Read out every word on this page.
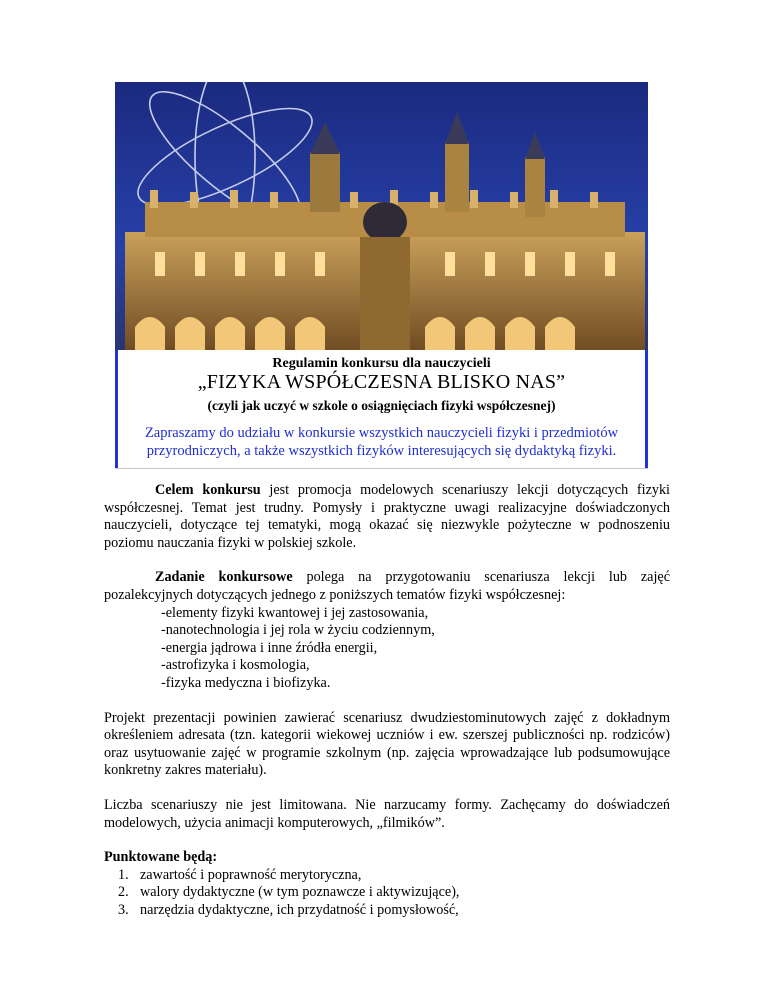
Regulamin konkursu dla nauczycieli
„FIZYKA WSPÓŁCZESNA BLISKO NAS”
(czyli jak uczyć w szkole o osiągnięciach fizyki współczesnej)
Zapraszamy do udziału w konkursie wszystkich nauczycieli fizyki i przedmiotów przyrodniczych, a także wszystkich fizyków interesujących się dydaktyką fizyki.

Celem konkursu jest promocja modelowych scenariuszy lekcji dotyczących fizyki współczesnej. Temat jest trudny. Pomysły i praktyczne uwagi realizacyjne doświadczonych nauczycieli, dotyczące tej tematyki, mogą okazać się niezwykle pożyteczne w podnoszeniu poziomu nauczania fizyki w polskiej szkole.

Zadanie konkursowe polega na przygotowaniu scenariusza lekcji lub zajęć pozalekcyjnych dotyczących jednego z poniższych tematów fizyki współczesnej:

-elementy fizyki kwantowej i jej zastosowania,
-nanotechnologia i jej rola w życiu codziennym,
-energia jądrowa i inne źródła energii,
-astrofizyka i kosmologia,
-fizyka medyczna i biofizyka.

Projekt prezentacji powinien zawierać scenariusz dwudziestominutowych zajęć z dokładnym określeniem adresata (tzn. kategorii wiekowej uczniów i ew. szerszej publiczności np. rodziców) oraz usytuowanie zajęć w programie szkolnym (np. zajęcia wprowadzające lub podsumowujące konkretny zakres materiału).

Liczba scenariuszy nie jest limitowana. Nie narzucamy formy. Zachęcamy do doświadczeń modelowych, użycia animacji komputerowych, „filmików”.

Punktowane będą:

1. zawartość i poprawność merytoryczna,
2. walory dydaktyczne (w tym poznawcze i aktywizujące),
3. narzędzia dydaktyczne, ich przydatność i pomysłowość,
